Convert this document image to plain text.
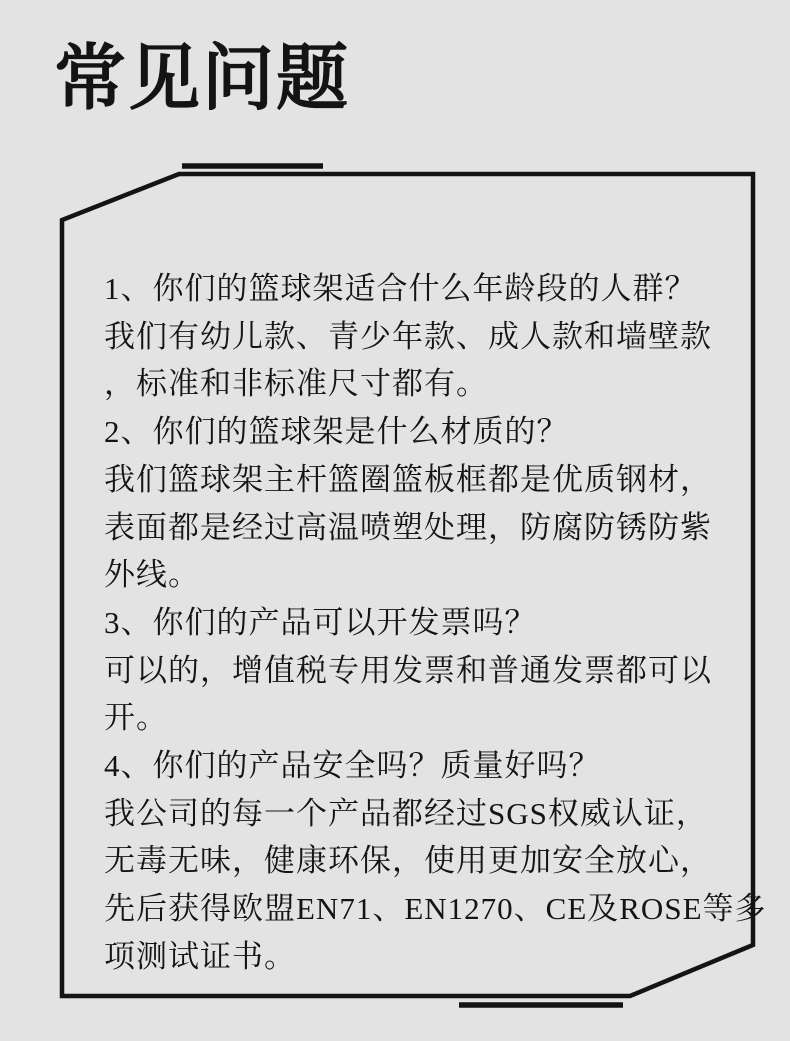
常见问题
1、你们的篮球架适合什么年龄段的人群？
我们有幼儿款、青少年款、成人款和墙壁款
，标准和非标准尺寸都有。
2、你们的篮球架是什么材质的？
我们篮球架主杆篮圈篮板框都是优质钢材，
表面都是经过高温喷塑处理，防腐防锈防紫
外线。
3、你们的产品可以开发票吗？
可以的，增值税专用发票和普通发票都可以
开。
4、你们的产品安全吗？质量好吗？
我公司的每一个产品都经过SGS权威认证，
无毒无味，健康环保，使用更加安全放心，
先后获得欧盟EN71、EN1270、CE及ROSE等多
项测试证书。
